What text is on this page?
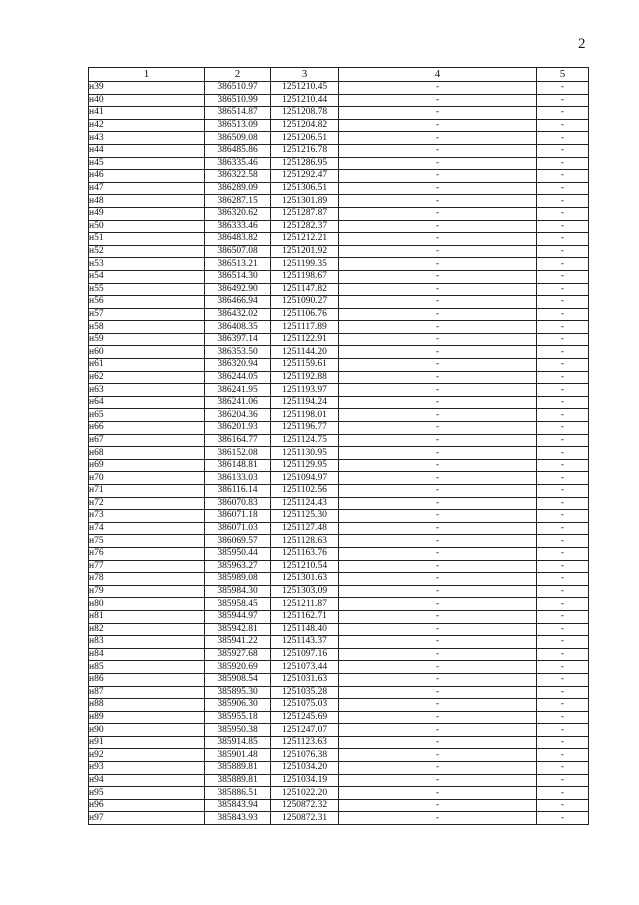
2
1	2	3	4	5
н39	386510.97	1251210.45	-	-
н40	386510.99	1251210.44	-	-
н41	386514.87	1251208.78	-	-
н42	386513.09	1251204.82	-	-
н43	386509.08	1251206.51	-	-
н44	386485.86	1251216.78	-	-
н45	386335.46	1251286.95	-	-
н46	386322.58	1251292.47	-	-
н47	386289.09	1251306.51	-	-
н48	386287.15	1251301.89	-	-
н49	386320.62	1251287.87	-	-
н50	386333.46	1251282.37	-	-
н51	386483.82	1251212.21	-	-
н52	386507.08	1251201.92	-	-
н53	386513.21	1251199.35	-	-
н54	386514.30	1251198.67	-	-
н55	386492.90	1251147.82	-	-
н56	386466.94	1251090.27	-	-
н57	386432.02	1251106.76	-	-
н58	386408.35	1251117.89	-	-
н59	386397.14	1251122.91	-	-
н60	386353.50	1251144.20	-	-
н61	386320.94	1251159.61	-	-
н62	386244.05	1251192.88	-	-
н63	386241.95	1251193.97	-	-
н64	386241.06	1251194.24	-	-
н65	386204.36	1251198.01	-	-
н66	386201.93	1251196.77	-	-
н67	386164.77	1251124.75	-	-
н68	386152.08	1251130.95	-	-
н69	386148.81	1251129.95	-	-
н70	386133.03	1251094.97	-	-
н71	386116.14	1251102.56	-	-
н72	386070.83	1251124.43	-	-
н73	386071.18	1251125.30	-	-
н74	386071.03	1251127.48	-	-
н75	386069.57	1251128.63	-	-
н76	385950.44	1251163.76	-	-
н77	385963.27	1251210.54	-	-
н78	385989.08	1251301.63	-	-
н79	385984.30	1251303.09	-	-
н80	385958.45	1251211.87	-	-
н81	385944.97	1251162.71	-	-
н82	385942.81	1251148.40	-	-
н83	385941.22	1251143.37	-	-
н84	385927.68	1251097.16	-	-
н85	385920.69	1251073.44	-	-
н86	385908.54	1251031.63	-	-
н87	385895.30	1251035.28	-	-
н88	385906.30	1251075.03	-	-
н89	385955.18	1251245.69	-	-
н90	385950.38	1251247.07	-	-
н91	385914.85	1251123.63	-	-
н92	385901.48	1251076.38	-	-
н93	385889.81	1251034.20	-	-
н94	385889.81	1251034.19	-	-
н95	385886.51	1251022.20	-	-
н96	385843.94	1250872.32	-	-
н97	385843.93	1250872.31	-	-
